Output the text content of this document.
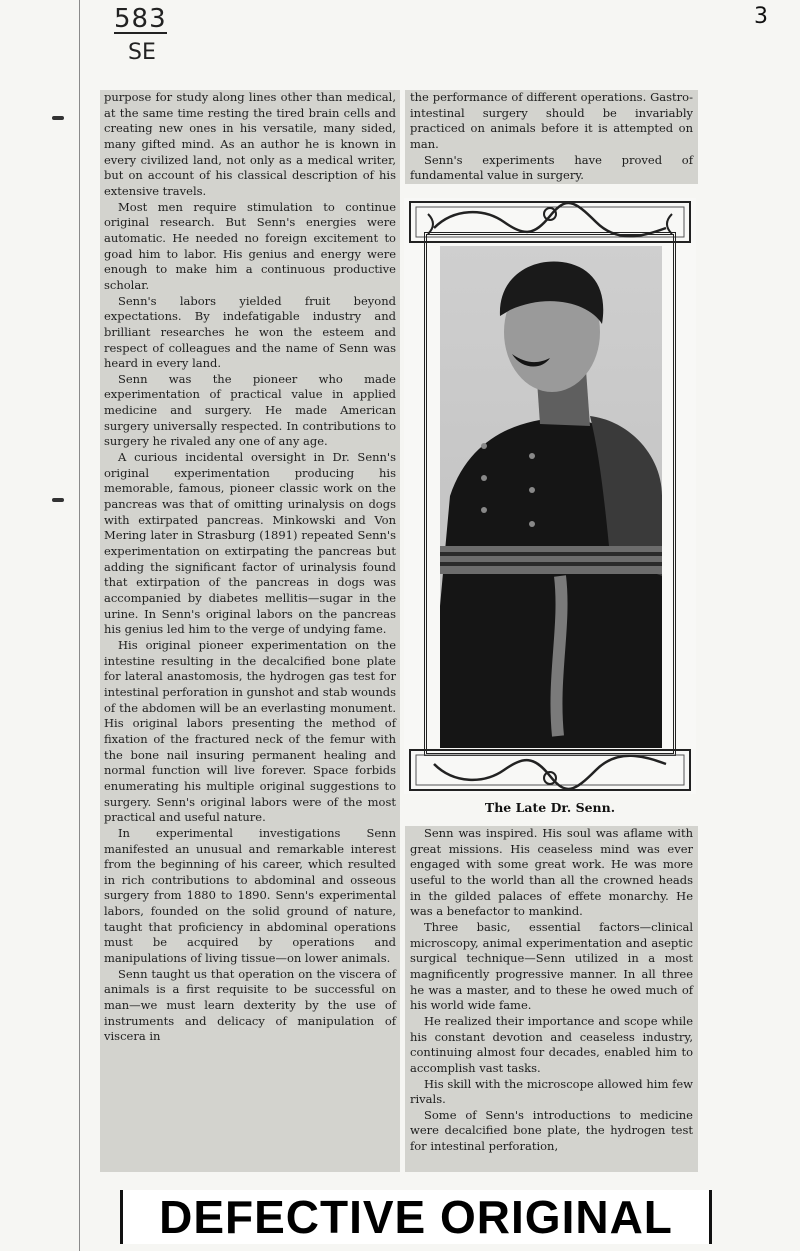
583
SE
3

purpose for study along lines other than medical, at the same time resting the tired brain cells and creating new ones in his versatile, many sided, many gifted mind. As an author he is known in every civilized land, not only as a medical writer, but on account of his classical description of his extensive travels.

Most men require stimulation to continue original research. But Senn's energies were automatic. He needed no foreign excitement to goad him to labor. His genius and energy were enough to make him a continuous productive scholar.

Senn's labors yielded fruit beyond expectations. By indefatigable industry and brilliant researches he won the esteem and respect of colleagues and the name of Senn was heard in every land.

Senn was the pioneer who made experimentation of practical value in applied medicine and surgery. He made American surgery universally respected. In contributions to surgery he rivaled any one of any age.

A curious incidental oversight in Dr. Senn's original experimentation producing his memorable, famous, pioneer classic work on the pancreas was that of omitting urinalysis on dogs with extirpated pancreas. Minkowski and Von Mering later in Strasburg (1891) repeated Senn's experimentation on extirpating the pancreas but adding the significant factor of urinalysis found that extirpation of the pancreas in dogs was accompanied by diabetes mellitis—sugar in the urine. In Senn's original labors on the pancreas his genius led him to the verge of undying fame.

His original pioneer experimentation on the intestine resulting in the decalcified bone plate for lateral anastomosis, the hydrogen gas test for intestinal perforation in gunshot and stab wounds of the abdomen will be an everlasting monument. His original labors presenting the method of fixation of the fractured neck of the femur with the bone nail insuring permanent healing and normal function will live forever. Space forbids enumerating his multiple original suggestions to surgery. Senn's original labors were of the most practical and useful nature.

In experimental investigations Senn manifested an unusual and remarkable interest from the beginning of his career, which resulted in rich contributions to abdominal and osseous surgery from 1880 to 1890. Senn's experimental labors, founded on the solid ground of nature, taught that proficiency in abdominal operations must be acquired by operations and manipulations of living tissue—on lower animals.

Senn taught us that operation on the viscera of animals is a first requisite to be successful on man—we must learn dexterity by the use of instruments and delicacy of manipulation of viscera in

the performance of different operations. Gastro-intestinal surgery should be invariably practiced on animals before it is attempted on man.

Senn's experiments have proved of fundamental value in surgery.

The Late Dr. Senn.

Senn was inspired. His soul was aflame with great missions. His ceaseless mind was ever engaged with some great work. He was more useful to the world than all the crowned heads in the gilded palaces of effete monarchy. He was a benefactor to mankind.

Three basic, essential factors—clinical microscopy, animal experimentation and aseptic surgical technique—Senn utilized in a most magnificently progressive manner. In all three he was a master, and to these he owed much of his world wide fame.

He realized their importance and scope while his constant devotion and ceaseless industry, continuing almost four decades, enabled him to accomplish vast tasks.

His skill with the microscope allowed him few rivals.

Some of Senn's introductions to medicine were decalcified bone plate, the hydrogen test for intestinal perforation,

DEFECTIVE ORIGINAL
